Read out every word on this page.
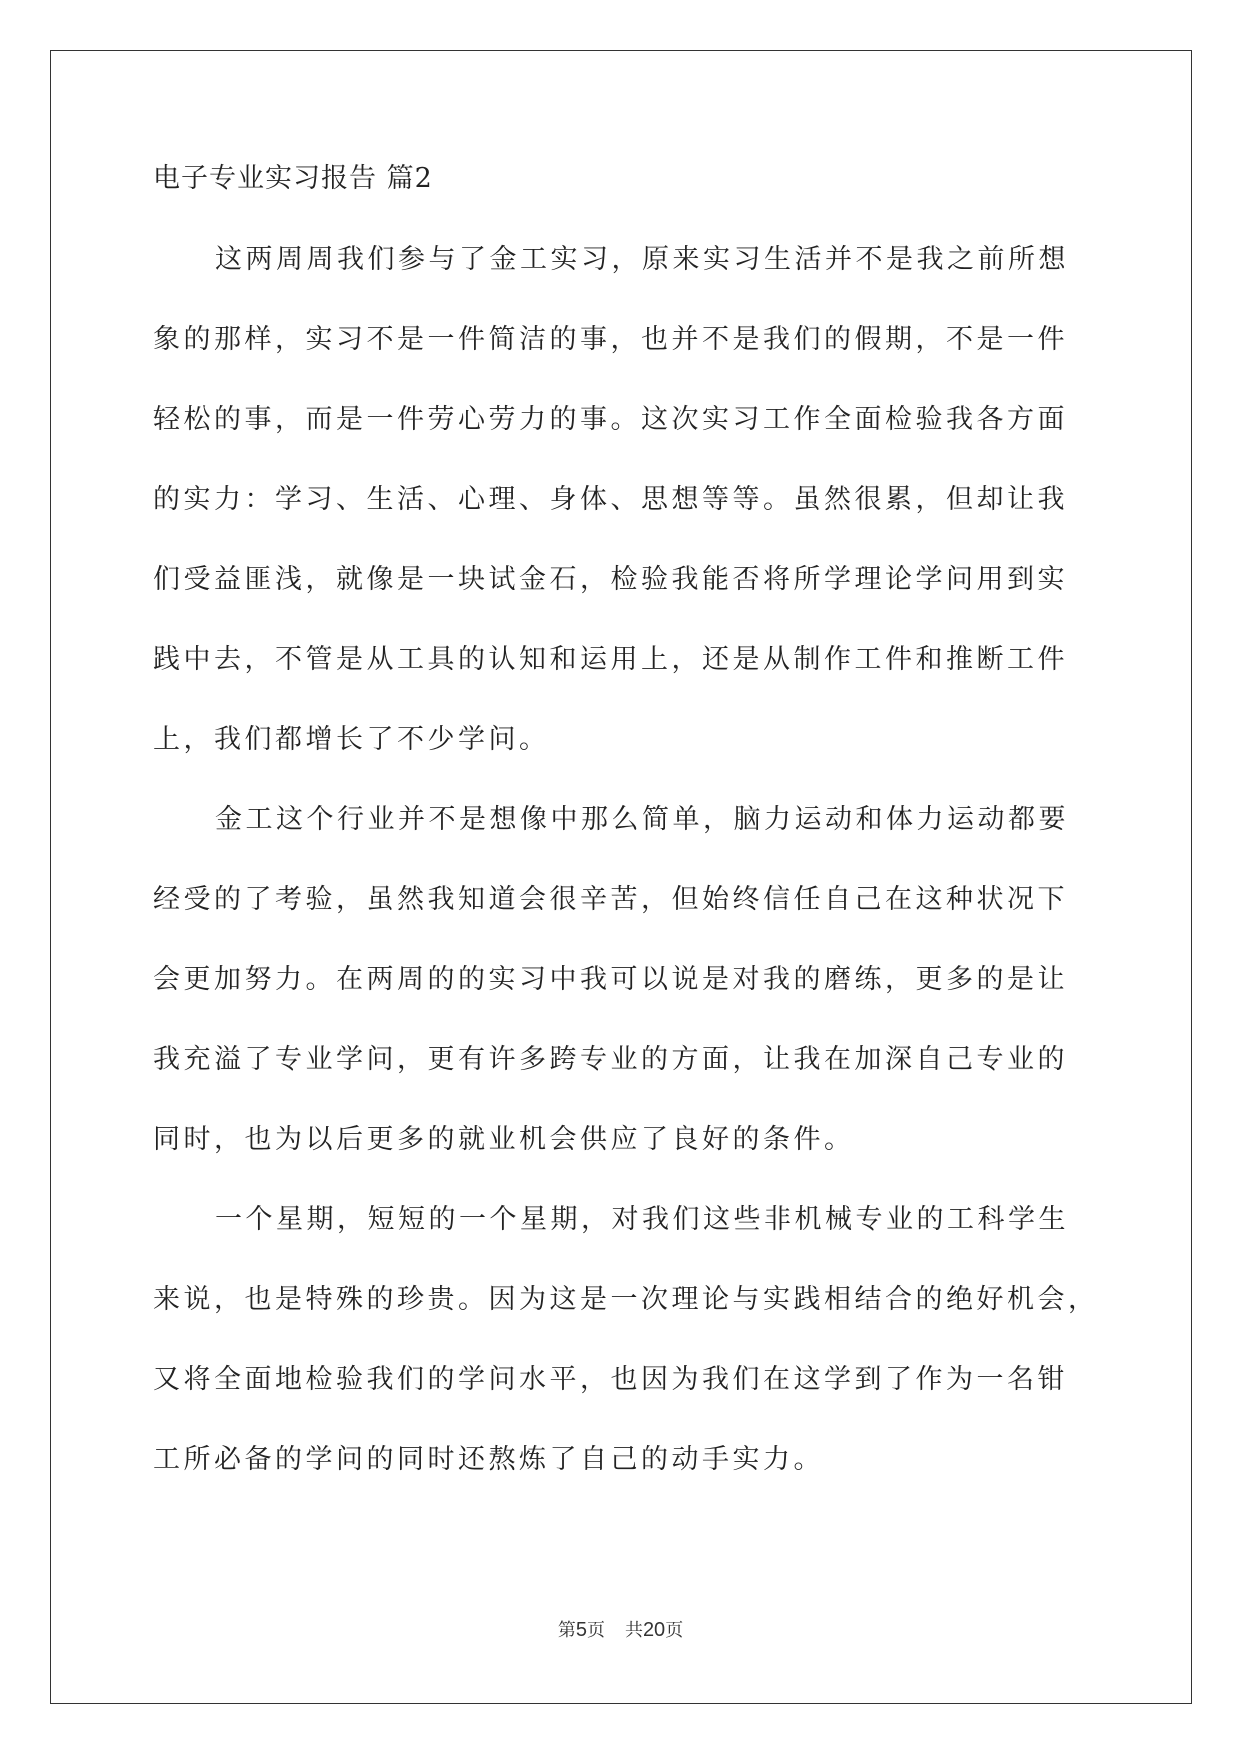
电子专业实习报告 篇2
这两周周我们参与了金工实习，原来实习生活并不是我之前所想
象的那样，实习不是一件简洁的事，也并不是我们的假期，不是一件
轻松的事，而是一件劳心劳力的事。这次实习工作全面检验我各方面
的实力：学习、生活、心理、身体、思想等等。虽然很累，但却让我
们受益匪浅，就像是一块试金石，检验我能否将所学理论学问用到实
践中去，不管是从工具的认知和运用上，还是从制作工件和推断工件
上，我们都增长了不少学问。
金工这个行业并不是想像中那么简单，脑力运动和体力运动都要
经受的了考验，虽然我知道会很辛苦，但始终信任自己在这种状况下
会更加努力。在两周的的实习中我可以说是对我的磨练，更多的是让
我充溢了专业学问，更有许多跨专业的方面，让我在加深自己专业的
同时，也为以后更多的就业机会供应了良好的条件。
一个星期，短短的一个星期，对我们这些非机械专业的工科学生
来说，也是特殊的珍贵。因为这是一次理论与实践相结合的绝好机会，
又将全面地检验我们的学问水平，也因为我们在这学到了作为一名钳
工所必备的学问的同时还熬炼了自己的动手实力。
第5页 共20页
